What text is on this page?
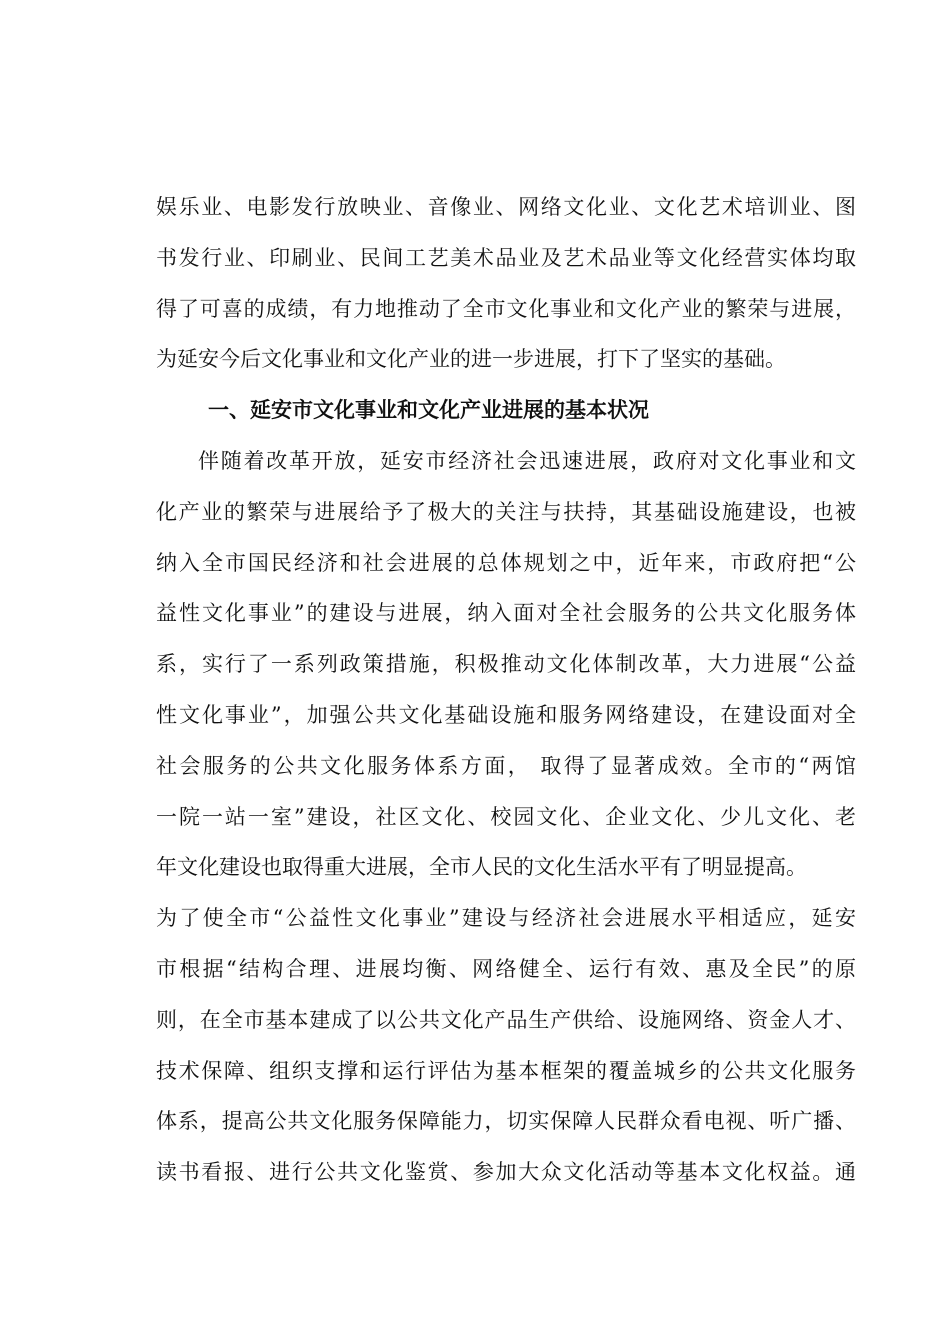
娱乐业、电影发行放映业、音像业、网络文化业、文化艺术培训业、图
书发行业、印刷业、民间工艺美术品业及艺术品业等文化经营实体均取
得了可喜的成绩，有力地推动了全市文化事业和文化产业的繁荣与进展，
为延安今后文化事业和文化产业的进一步进展，打下了坚实的基础。
一、延安市文化事业和文化产业进展的基本状况
伴随着改革开放，延安市经济社会迅速进展，政府对文化事业和文
化产业的繁荣与进展给予了极大的关注与扶持，其基础设施建设，也被
纳入全市国民经济和社会进展的总体规划之中，近年来，市政府把“公
益性文化事业”的建设与进展，纳入面对全社会服务的公共文化服务体
系，实行了一系列政策措施，积极推动文化体制改革，大力进展“公益
性文化事业”，加强公共文化基础设施和服务网络建设，在建设面对全
社会服务的公共文化服务体系方面， 取得了显著成效。全市的“两馆
一院一站一室”建设，社区文化、校园文化、企业文化、少儿文化、老
年文化建设也取得重大进展，全市人民的文化生活水平有了明显提高。
为了使全市“公益性文化事业”建设与经济社会进展水平相适应，延安
市根据“结构合理、进展均衡、网络健全、运行有效、惠及全民”的原
则，在全市基本建成了以公共文化产品生产供给、设施网络、资金人才、
技术保障、组织支撑和运行评估为基本框架的覆盖城乡的公共文化服务
体系，提高公共文化服务保障能力，切实保障人民群众看电视、听广播、
读书看报、进行公共文化鉴赏、参加大众文化活动等基本文化权益。通
